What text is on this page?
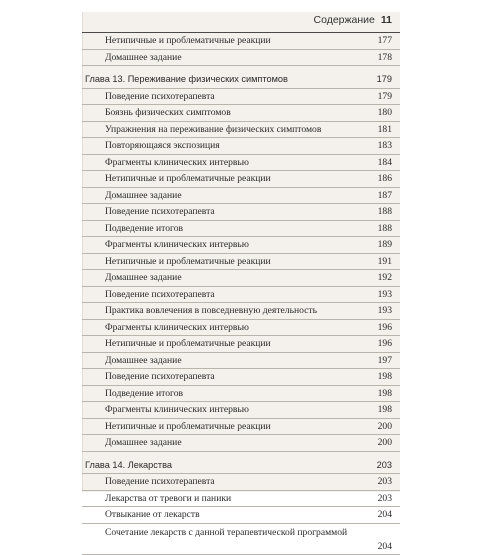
Содержание 11
Нетипичные и проблематичные реакции	177
Домашнее задание	178
Глава 13. Переживание физических симптомов	179
Поведение психотерапевта	179
Боязнь физических симптомов	180
Упражнения на переживание физических симптомов	181
Повторяющаяся экспозиция	183
Фрагменты клинических интервью	184
Нетипичные и проблематичные реакции	186
Домашнее задание	187
Поведение психотерапевта	188
Подведение итогов	188
Фрагменты клинических интервью	189
Нетипичные и проблематичные реакции	191
Домашнее задание	192
Поведение психотерапевта	193
Практика вовлечения в повседневную деятельность	193
Фрагменты клинических интервью	196
Нетипичные и проблематичные реакции	196
Домашнее задание	197
Поведение психотерапевта	198
Подведение итогов	198
Фрагменты клинических интервью	198
Нетипичные и проблематичные реакции	200
Домашнее задание	200
Глава 14. Лекарства	203
Поведение психотерапевта	203
Лекарства от тревоги и паники	203
Отвыкание от лекарств	204
Сочетание лекарств с данной терапевтической программой
204
